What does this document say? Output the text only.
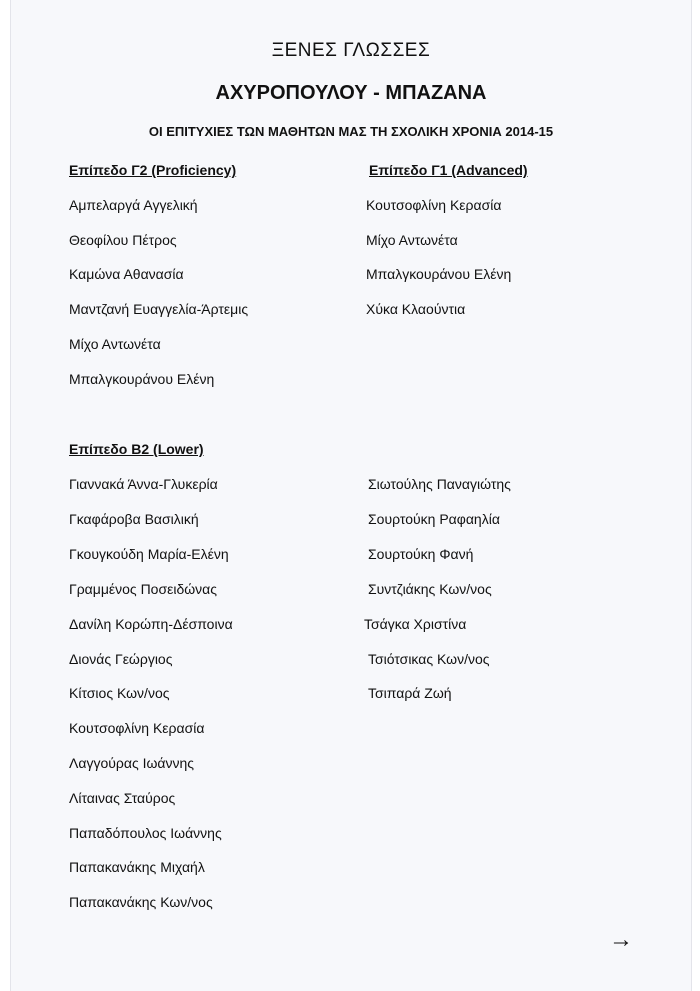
ΞΕΝΕΣ ΓΛΩΣΣΕΣ
ΑΧΥΡΟΠΟΥΛΟΥ - ΜΠΑΖΑΝΑ
ΟΙ ΕΠΙΤΥΧΙΕΣ ΤΩΝ ΜΑΘΗΤΩΝ ΜΑΣ ΤΗ ΣΧΟΛΙΚΗ ΧΡΟΝΙΑ 2014-15
Επίπεδο Γ2 (Proficiency)
Αμπελαργά Αγγελική
Θεοφίλου Πέτρος
Καμώνα Αθανασία
Μαντζανή Ευαγγελία-Άρτεμις
Μίχο Αντωνέτα
Μπαλγκουράνου Ελένη
Επίπεδο Γ1 (Advanced)
Κουτσοφλίνη Κερασία
Μίχο Αντωνέτα
Μπαλγκουράνου Ελένη
Χύκα Κλαούντια
Επίπεδο Β2 (Lower)
Γιαννακά Άννα-Γλυκερία
Γκαφάροβα Βασιλική
Γκουγκούδη Μαρία-Ελένη
Γραμμένος Ποσειδώνας
Δανίλη Κορώπη-Δέσποινα
Διονάς Γεώργιος
Κίτσιος Κων/νος
Κουτσοφλίνη Κερασία
Λαγγούρας Ιωάννης
Λίταινας Σταύρος
Παπαδόπουλος Ιωάννης
Παπακανάκης Μιχαήλ
Παπακανάκης Κων/νος
Σιωτούλης Παναγιώτης
Σουρτούκη Ραφαηλία
Σουρτούκη Φανή
Συντζιάκης Κων/νος
Τσάγκα Χριστίνα
Τσιότσικας Κων/νος
Τσιπαρά Ζωή
→
